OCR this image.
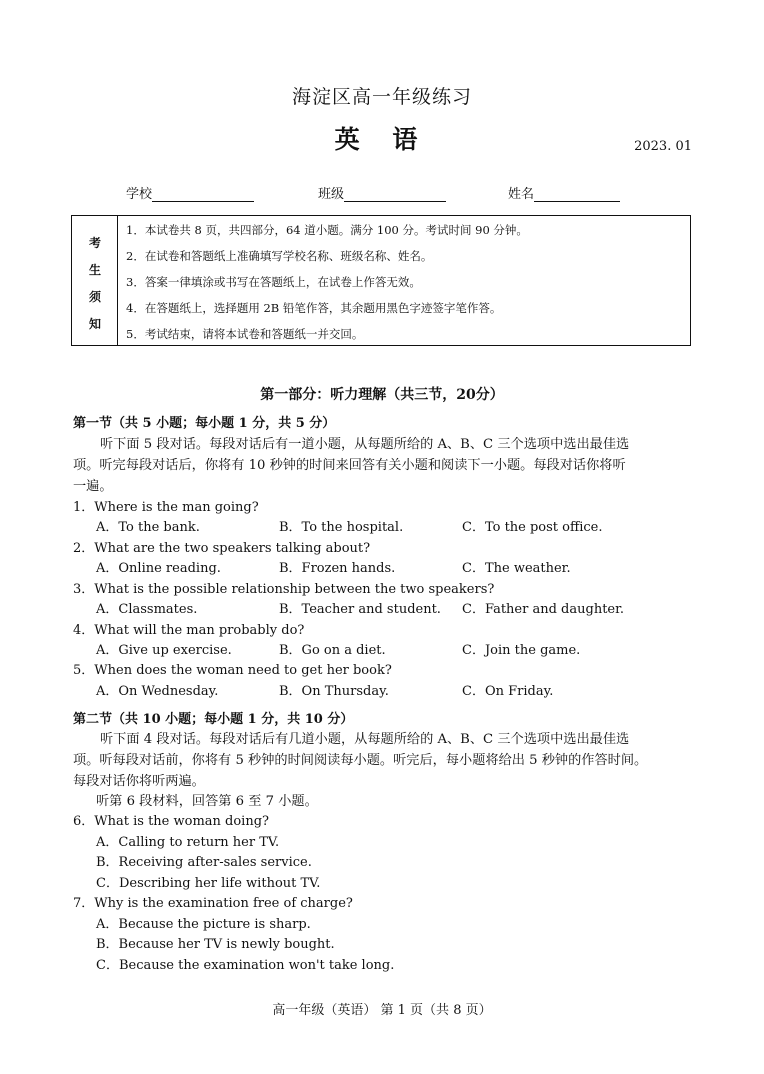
海淀区高一年级练习
英 语	2023. 01
学校	班级	姓名
考
生
须
知
1．本试卷共 8 页，共四部分，64 道小题。满分 100 分。考试时间 90 分钟。
2．在试卷和答题纸上准确填写学校名称、班级名称、姓名。
3．答案一律填涂或书写在答题纸上，在试卷上作答无效。
4．在答题纸上，选择题用 2B 铅笔作答，其余题用黑色字迹签字笔作答。
5．考试结束，请将本试卷和答题纸一并交回。
第一部分：听力理解（共三节，20分）
第一节（共 5 小题；每小题 1 分，共 5 分）
听下面 5 段对话。每段对话后有一道小题，从每题所给的 A、B、C 三个选项中选出最佳选
项。听完每段对话后，你将有 10 秒钟的时间来回答有关小题和阅读下一小题。每段对话你将听
一遍。
1．Where is the man going?
A．To the bank.	B．To the hospital.	C．To the post office.
2．What are the two speakers talking about?
A．Online reading.	B．Frozen hands.	C．The weather.
3．What is the possible relationship between the two speakers?
A．Classmates.	B．Teacher and student. C．Father and daughter.
4．What will the man probably do?
A．Give up exercise.	B．Go on a diet.	C．Join the game.
5．When does the woman need to get her book?
A．On Wednesday.	B．On Thursday.	C．On Friday.
第二节（共 10 小题；每小题 1 分，共 10 分）
听下面 4 段对话。每段对话后有几道小题，从每题所给的 A、B、C 三个选项中选出最佳选
项。听每段对话前，你将有 5 秒钟的时间阅读每小题。听完后，每小题将给出 5 秒钟的作答时间。
每段对话你将听两遍。
听第 6 段材料，回答第 6 至 7 小题。
6．What is the woman doing?
A．Calling to return her TV.
B．Receiving after-sales service.
C．Describing her life without TV.
7．Why is the examination free of charge?
A．Because the picture is sharp.
B．Because her TV is newly bought.
C．Because the examination won't take long.
高一年级（英语） 第 1 页（共 8 页）
